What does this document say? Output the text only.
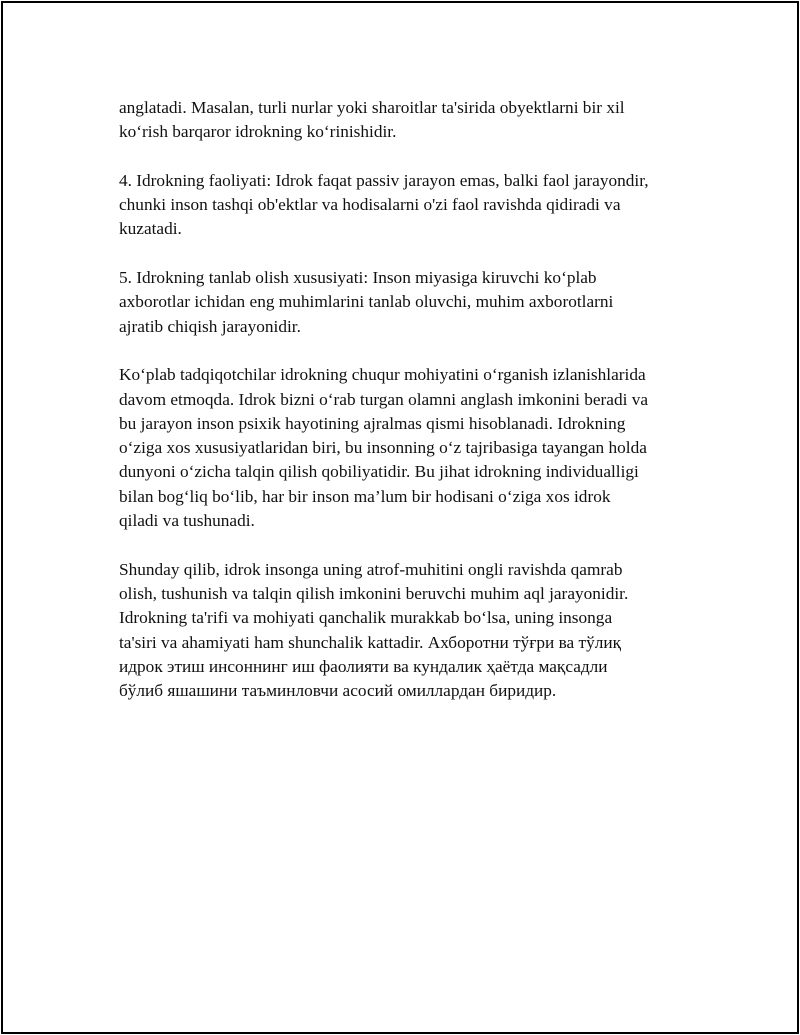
anglatadi. Masalan, turli nurlar yoki sharoitlar ta'sirida obyektlarni bir xil
ko‘rish barqaror idrokning ko‘rinishidir.

4. Idrokning faoliyati: Idrok faqat passiv jarayon emas, balki faol jarayondir,
chunki inson tashqi ob'ektlar va hodisalarni o'zi faol ravishda qidiradi va
kuzatadi.

5. Idrokning tanlab olish xususiyati: Inson miyasiga kiruvchi ko‘plab
axborotlar ichidan eng muhimlarini tanlab oluvchi, muhim axborotlarni
ajratib chiqish jarayonidir.

Ko‘plab tadqiqotchilar idrokning chuqur mohiyatini o‘rganish izlanishlarida
davom etmoqda. Idrok bizni o‘rab turgan olamni anglash imkonini beradi va
bu jarayon inson psixik hayotining ajralmas qismi hisoblanadi. Idrokning
o‘ziga xos xususiyatlaridan biri, bu insonning o‘z tajribasiga tayangan holda
dunyoni o‘zicha talqin qilish qobiliyatidir. Bu jihat idrokning individualligi
bilan bog‘liq bo‘lib, har bir inson ma’lum bir hodisani o‘ziga xos idrok
qiladi va tushunadi.

Shunday qilib, idrok insonga uning atrof-muhitini ongli ravishda qamrab
olish, tushunish va talqin qilish imkonini beruvchi muhim aql jarayonidir.
Idrokning ta'rifi va mohiyati qanchalik murakkab bo‘lsa, uning insonga
ta'siri va ahamiyati ham shunchalik kattadir. Ахборотни тўғри ва тўлиқ
идрок этиш инсоннинг иш фаолияти ва кундалик ҳаётда мақсадли
бўлиб яшашини таъминловчи асосий омиллардан биридир.
